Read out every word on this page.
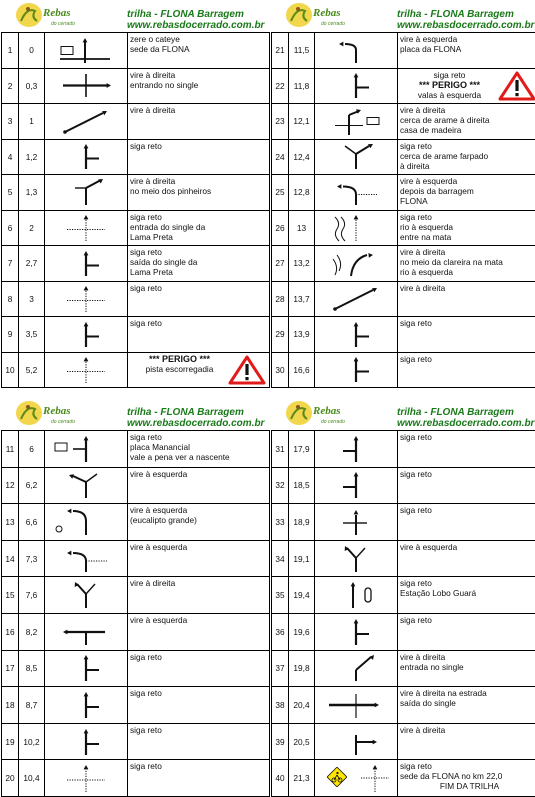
Rebas
do cerrado
trilha - FLONA Barragem
www.rebasdocerrado.com.br
1	0		zere o cateye
sede da FLONA

2	0,3		vire à direita
entrando no single

3	1		vire à direita

4	1,2		siga reto

5	1,3		vire à direita
no meio dos pinheiros

6	2		siga reto
entrada do single da
Lama Preta

7	2,7		siga reto
saída do single da
Lama Preta

8	3		siga reto

9	3,5		siga reto

10	5,2		*** PERIGO ***
pista escorregadia
Rebas
do cerrado
trilha - FLONA Barragem
www.rebasdocerrado.com.br
21	11,5		vire à esquerda
placa da FLONA

22	11,8		siga reto
*** PERIGO ***
valas à esquerda

23	12,1		vire à direita
cerca de arame à direita
casa de madeira

24	12,4		siga reto
cerca de arame farpado
à direita

25	12,8		vire à esquerda
depois da barragem
FLONA

26	13		siga reto
rio à esquerda
entre na mata

27	13,2		vire à direita
no meio da clareira na mata
rio à esquerda

28	13,7		vire à direita

29	13,9		siga reto

30	16,6		siga reto
Rebas
do cerrado
trilha - FLONA Barragem
www.rebasdocerrado.com.br
11	6		siga reto
placa Manancial
vale a pena ver a nascente

12	6,2		vire à esquerda

13	6,6		vire à esquerda
(eucalipto grande)

14	7,3		vire à esquerda

15	7,6		vire à direita

16	8,2		vire à esquerda

17	8,5		siga reto

18	8,7		siga reto

19	10,2		siga reto

20	10,4		siga reto
Rebas
do cerrado
trilha - FLONA Barragem
www.rebasdocerrado.com.br
31	17,9		siga reto

32	18,5		siga reto

33	18,9		siga reto

34	19,1		vire à esquerda

35	19,4		siga reto
Estação Lobo Guará

36	19,6		siga reto

37	19,8		vire à direita
entrada no single

38	20,4		vire à direita na estrada
saída do single

39	20,5		vire à direita

40	21,3		siga reto
sede da FLONA no km 22,0
FIM DA TRILHA
